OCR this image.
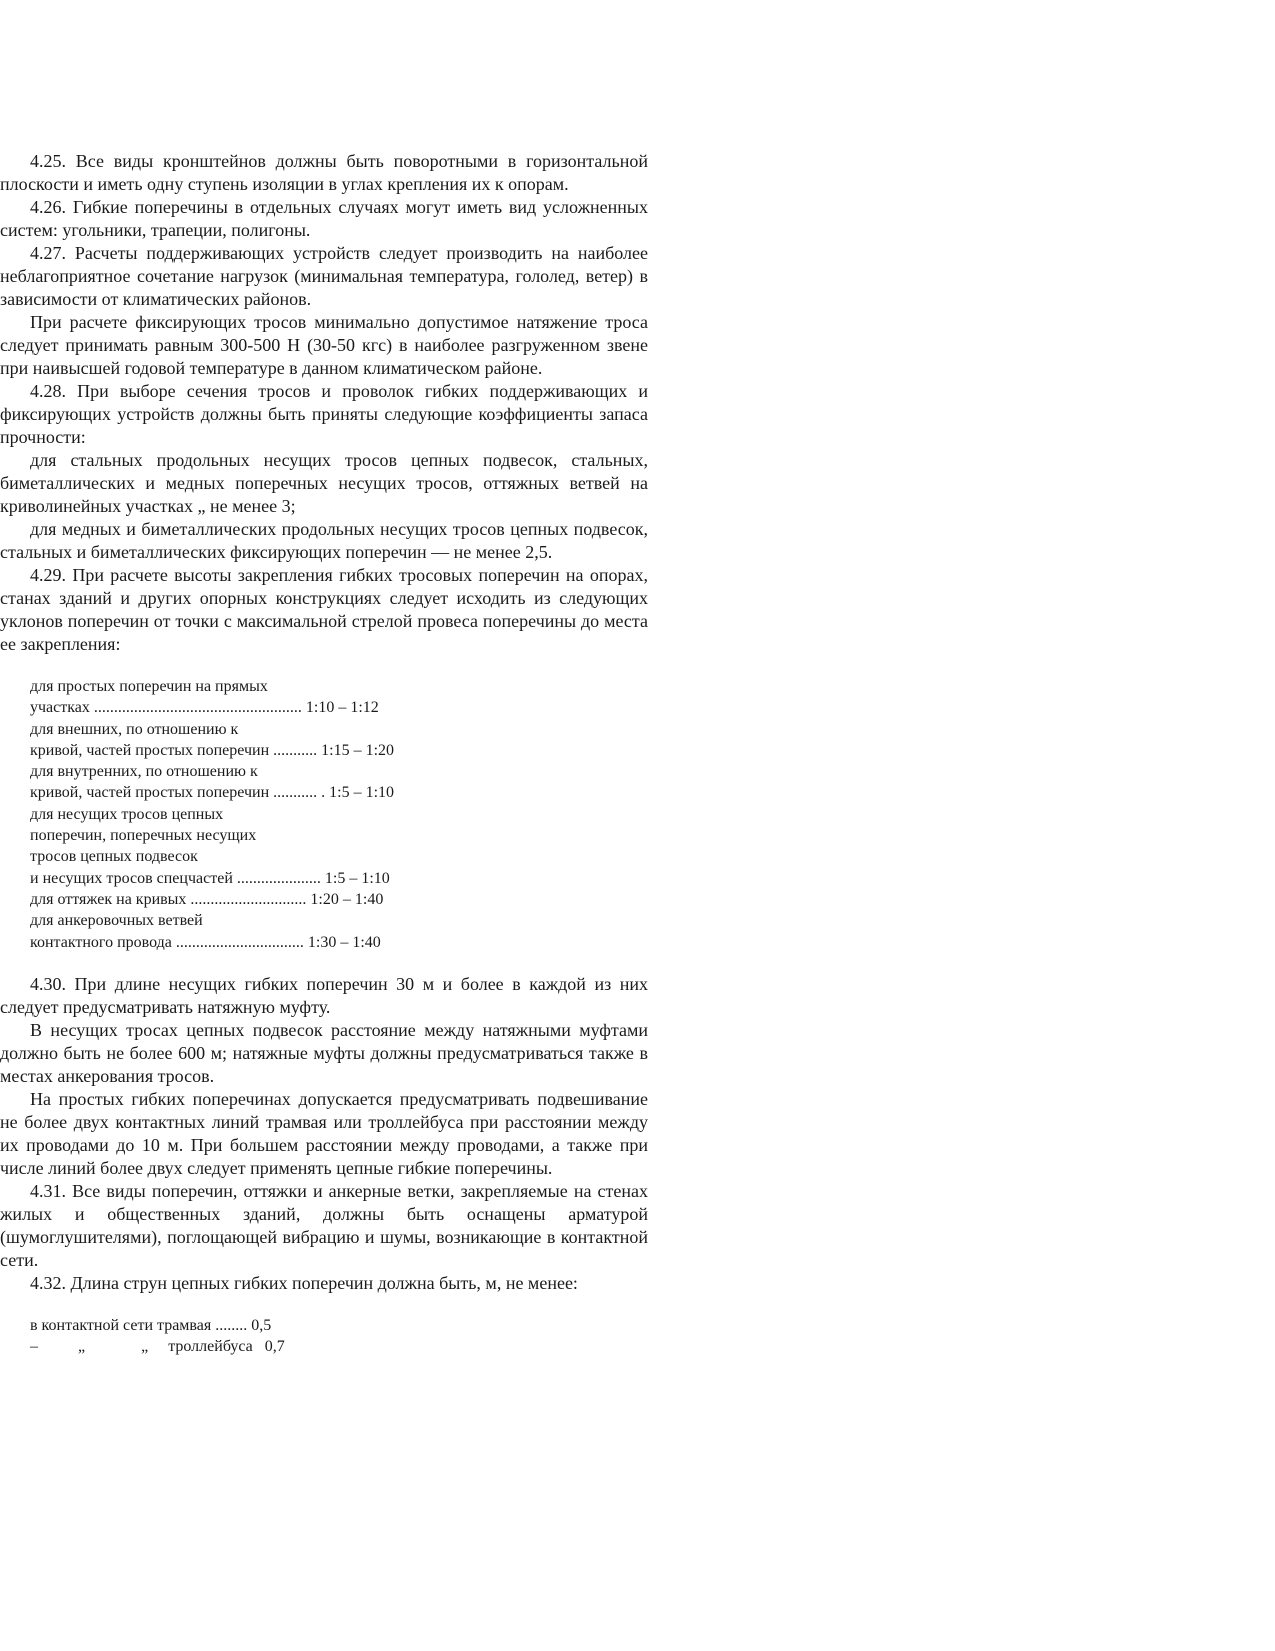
4.25. Все виды кронштейнов должны быть поворотными в горизонтальной плоскости и иметь одну ступень изоляции в углах крепления их к опорам.

4.26. Гибкие поперечины в отдельных случаях могут иметь вид усложненных систем: угольники, трапеции, полигоны.

4.27. Расчеты поддерживающих устройств следует производить на наиболее неблагоприятное сочетание нагрузок (минимальная температура, гололед, ветер) в зависимости от климатических районов.

При расчете фиксирующих тросов минимально допустимое натяжение троса следует принимать равным 300-500 Н (30-50 кгс) в наиболее разгруженном звене при наивысшей годовой температуре в данном климатическом районе.

4.28. При выборе сечения тросов и проволок гибких поддерживающих и фиксирующих устройств должны быть приняты следующие коэффициенты запаса прочности:

для стальных продольных несущих тросов цепных подвесок, стальных, биметаллических и медных поперечных несущих тросов, оттяжных ветвей на криволинейных участках „ не менее 3;

для медных и биметаллических продольных несущих тросов цепных подвесок, стальных и биметаллических фиксирующих поперечин — не менее 2,5.

4.29. При расчете высоты закрепления гибких тросовых поперечин на опорах, станах зданий и других опорных конструкциях следует исходить из следующих уклонов поперечин от точки с максимальной стрелой провеса поперечины до места ее закрепления:

для простых поперечин на прямых
участках .................................................... 1:10 – 1:12
для внешних, по отношению к
кривой, частей простых поперечин ........... 1:15 – 1:20
для внутренних, по отношению к
кривой, частей простых поперечин ........... . 1:5 – 1:10
для несущих тросов цепных
поперечин, поперечных несущих
тросов цепных подвесок
и несущих тросов спецчастей ..................... 1:5 – 1:10
для оттяжек на кривых ............................. 1:20 – 1:40
для анкеровочных ветвей
контактного провода ................................ 1:30 – 1:40

4.30. При длине несущих гибких поперечин 30 м и более в каждой из них следует предусматривать натяжную муфту.

В несущих тросах цепных подвесок расстояние между натяжными муфтами должно быть не более 600 м; натяжные муфты должны предусматриваться также в местах анкерования тросов.

На простых гибких поперечинах допускается предусматривать подвешивание не более двух контактных линий трамвая или троллейбуса при расстоянии между их проводами до 10 м. При большем расстоянии между проводами, а также при числе линий более двух следует применять цепные гибкие поперечины.

4.31. Все виды поперечин, оттяжки и анкерные ветки, закрепляемые на стенах жилых и общественных зданий, должны быть оснащены арматурой (шумоглушителями), поглощающей вибрацию и шумы, возникающие в контактной сети.

4.32. Длина струн цепных гибких поперечин должна быть, м, не менее:

в контактной сети трамвая ........ 0,5
–          „              „     троллейбуса   0,7
